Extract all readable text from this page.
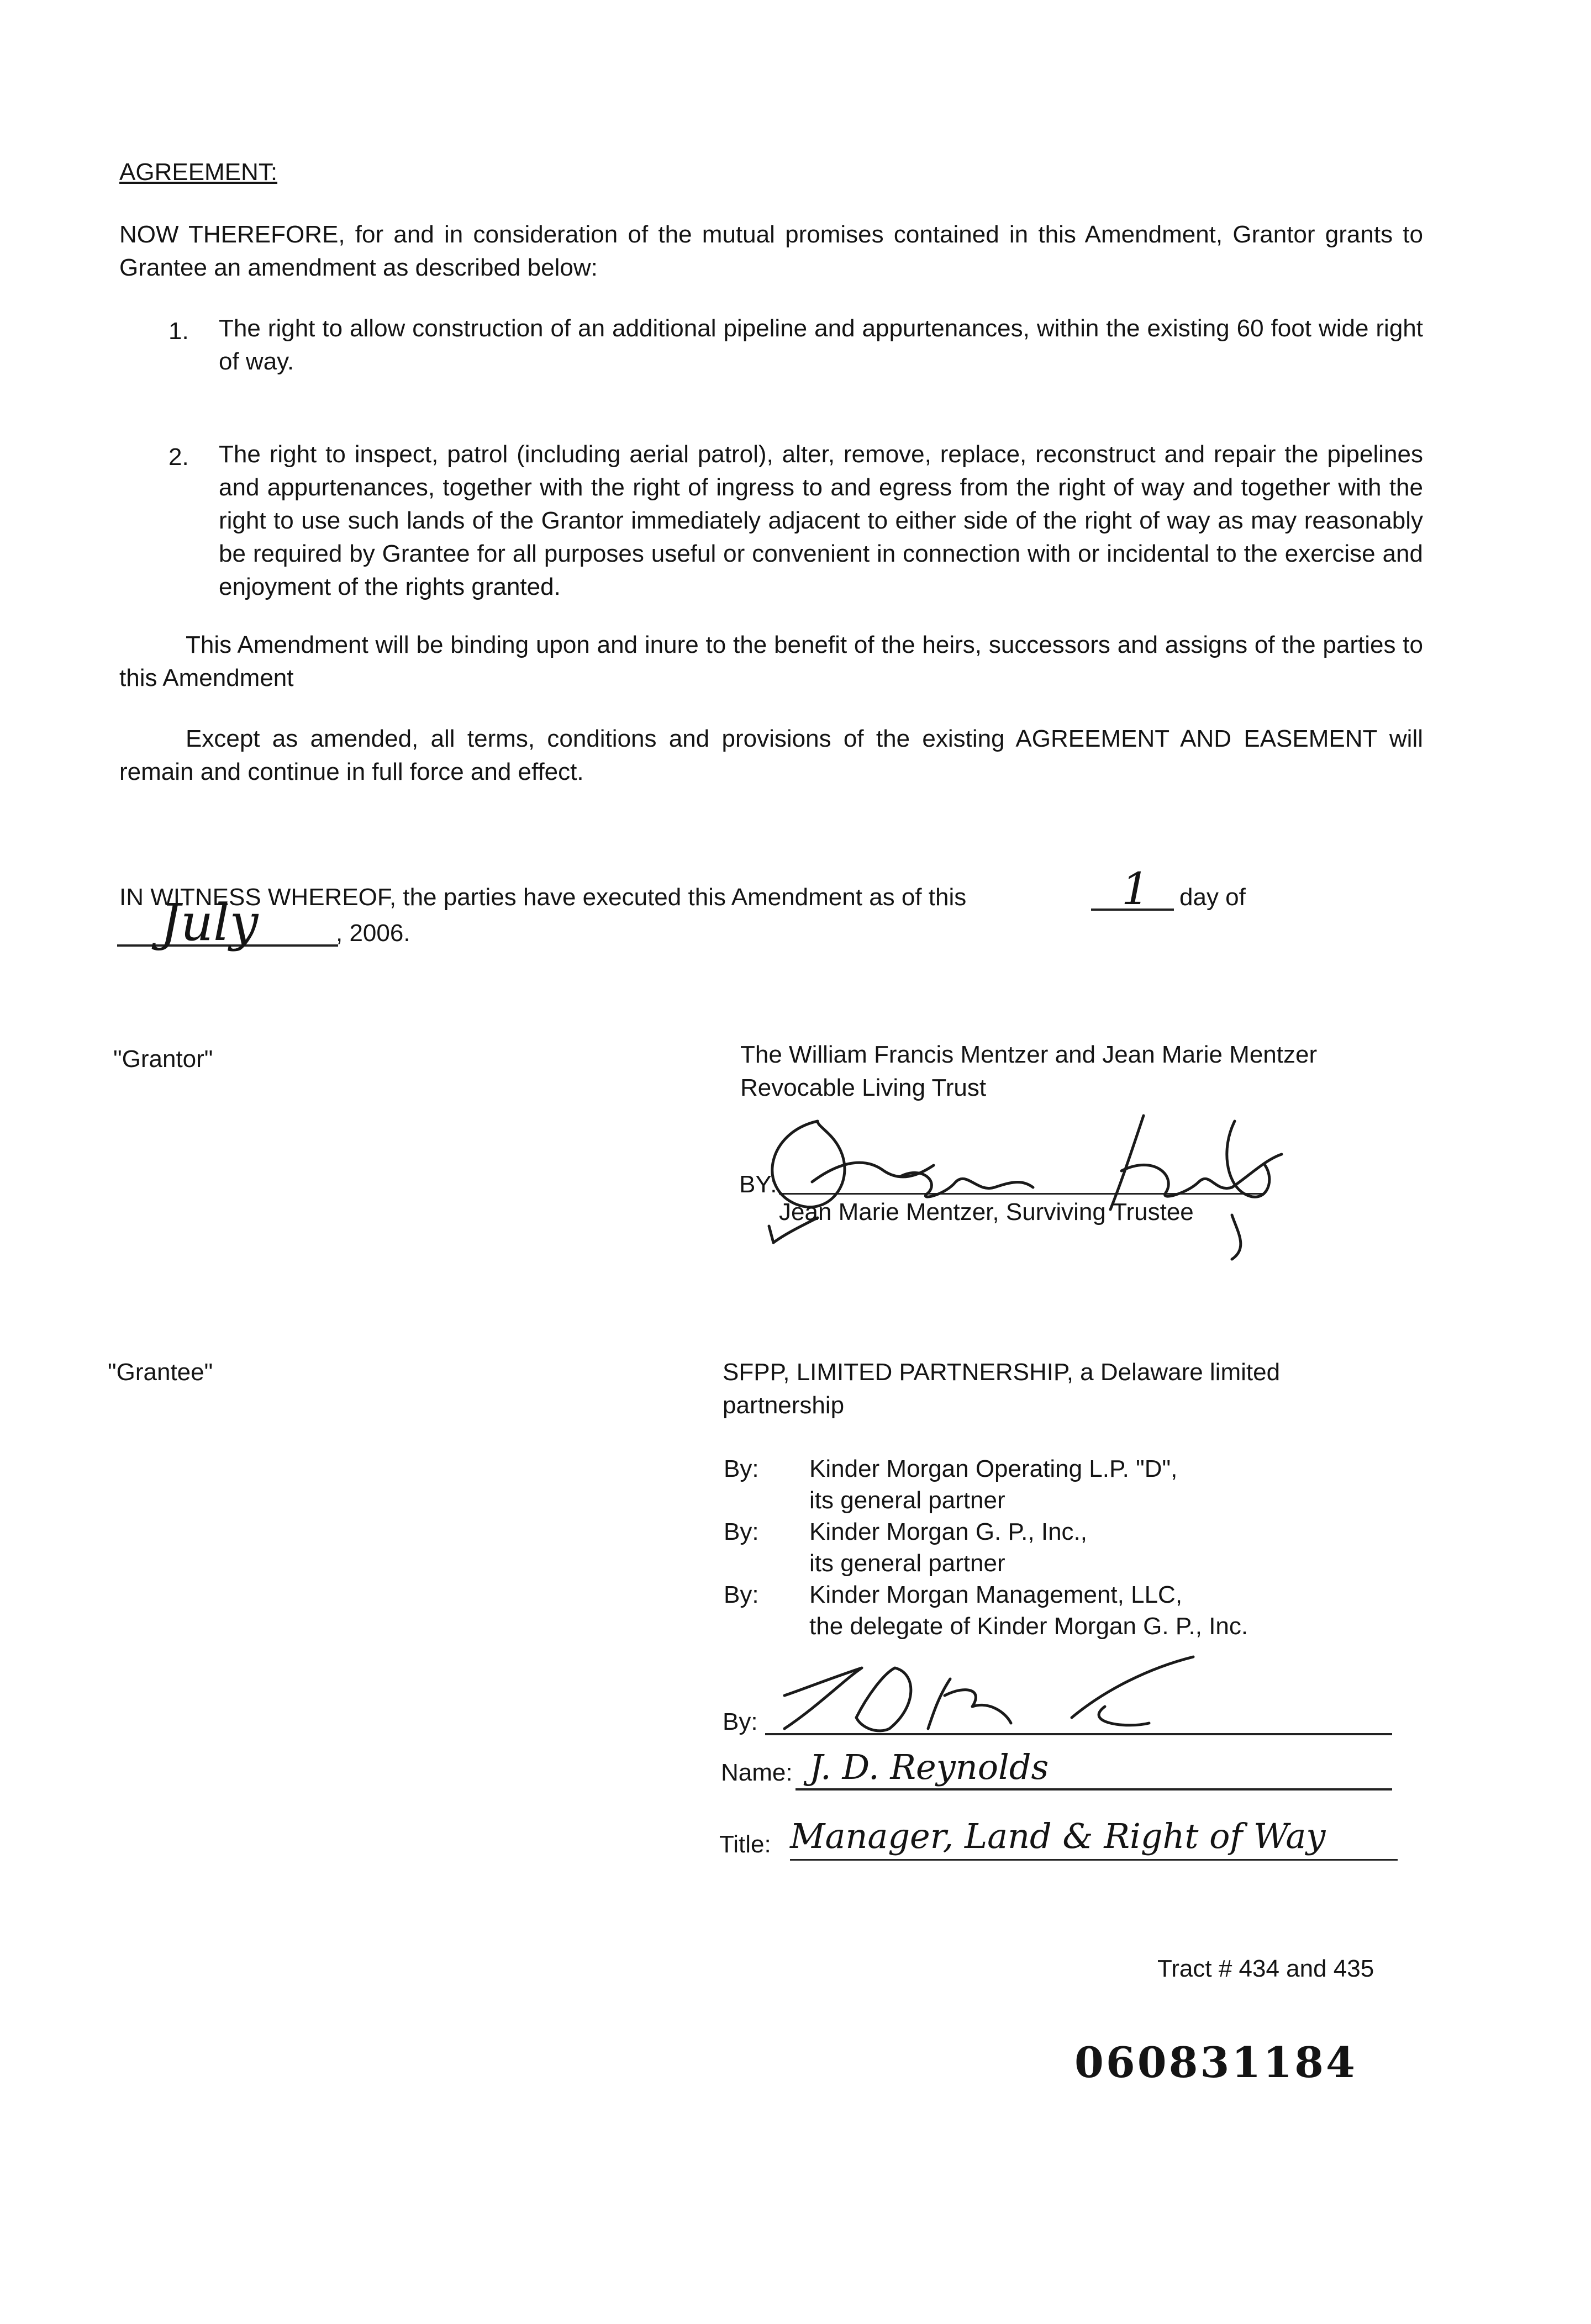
AGREEMENT:
NOW THEREFORE, for and in consideration of the mutual promises contained in this Amendment, Grantor grants to Grantee an amendment as described below:
1. The right to allow construction of an additional pipeline and appurtenances, within the existing 60 foot wide right of way.
2. The right to inspect, patrol (including aerial patrol), alter, remove, replace, reconstruct and repair the pipelines and appurtenances, together with the right of ingress to and egress from the right of way and together with the right to use such lands of the Grantor immediately adjacent to either side of the right of way as may reasonably be required by Grantee for all purposes useful or convenient in connection with or incidental to the exercise and enjoyment of the rights granted.
This Amendment will be binding upon and inure to the benefit of the heirs, successors and assigns of the parties to this Amendment
Except as amended, all terms, conditions and provisions of the existing AGREEMENT AND EASEMENT will remain and continue in full force and effect.
IN WITNESS WHEREOF, the parties have executed this Amendment as of this	1 day of
July	, 2006.
"Grantor"	The William Francis Mentzer and Jean Marie Mentzer
Revocable Living Trust
BY:
Jean Marie Mentzer, Surviving Trustee
"Grantee"	SFPP, LIMITED PARTNERSHIP, a Delaware limited
partnership
By: Kinder Morgan Operating L.P. "D",
its general partner
By: Kinder Morgan G. P., Inc.,
its general partner
By: Kinder Morgan Management, LLC,
the delegate of Kinder Morgan G. P., Inc.
By:
Name: J. D. Reynolds
Title: Manager, Land & Right of Way
Tract # 434 and 435
060831184
